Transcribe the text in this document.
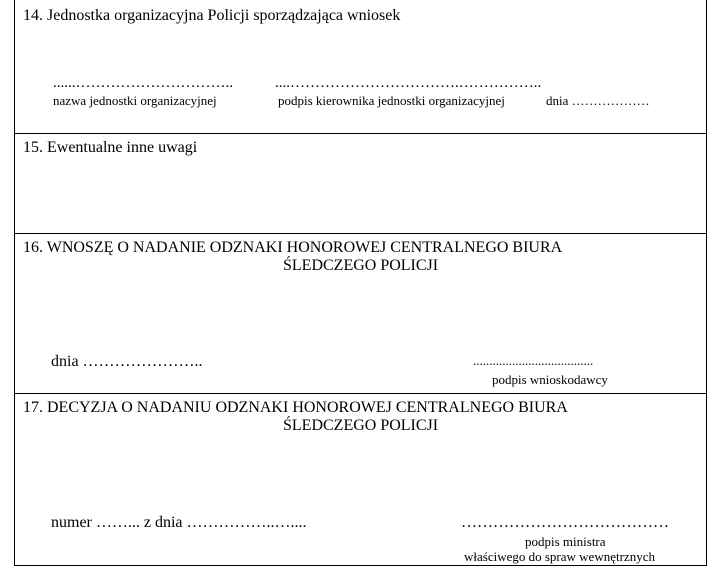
14. Jednostka organizacyjna Policji sporządzająca wniosek
......…………………………..
nazwa jednostki organizacyjnej
....…………………………….……………..
podpis kierownika jednostki organizacyjnej	dnia ………………
15. Ewentualne inne uwagi
16. WNOSZĘ O NADANIE ODZNAKI HONOROWEJ CENTRALNEGO BIURA
ŚLEDCZEGO POLICJI
dnia …………………..	.....................................
podpis wnioskodawcy
17. DECYZJA O NADANIU ODZNAKI HONOROWEJ CENTRALNEGO BIURA
ŚLEDCZEGO POLICJI
numer ……... z dnia ……………..…....	…………………………………
podpis ministra
właściwego do spraw wewnętrznych
